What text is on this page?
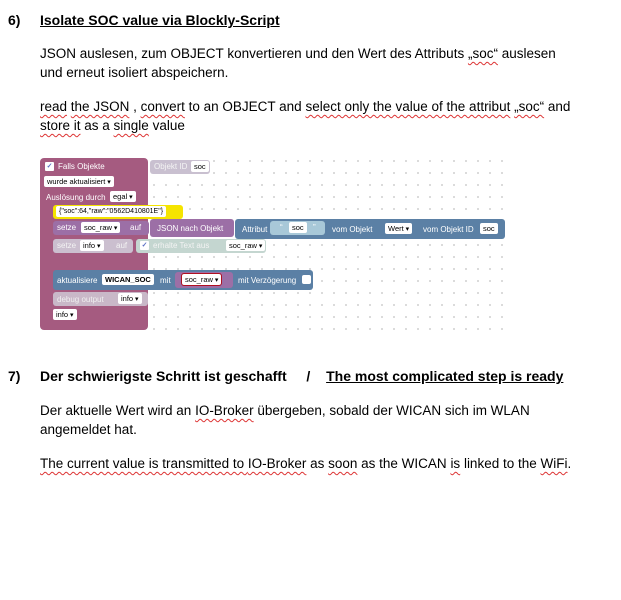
6) Isolate SOC value via Blockly-Script
JSON auslesen, zum OBJECT konvertieren und den Wert des Attributs „soc“ auslesen
und erneut isoliert abspeichern.
read the JSON , convert to an OBJECT and select only the value of the attribut „soc“ and
store it as a single value
✓ Falls Objekte	Objekt ID soc
wurde aktualisiert ▾
Auslösung durch egal ▾
{"soc":64,"raw":"0562D410801E"}
setze	soc_raw ▾	auf JSON nach Objekt Attribut “	soc	” vom Objekt	Wert ▾	vom Objekt ID	soc
setze info ▾	auf ✓ erhalte Text aus	soc_raw ▾
aktualisiere	WICAN_SOC	mit	soc_raw ▾	mit Verzögerung
debug output	info ▾
info ▾
7) Der schwierigste Schritt ist geschafft / The most complicated step is ready
Der aktuelle Wert wird an IO-Broker übergeben, sobald der WICAN sich im WLAN
angemeldet hat.
The current value is transmitted to IO-Broker as soon as the WICAN is linked to the WiFi.
